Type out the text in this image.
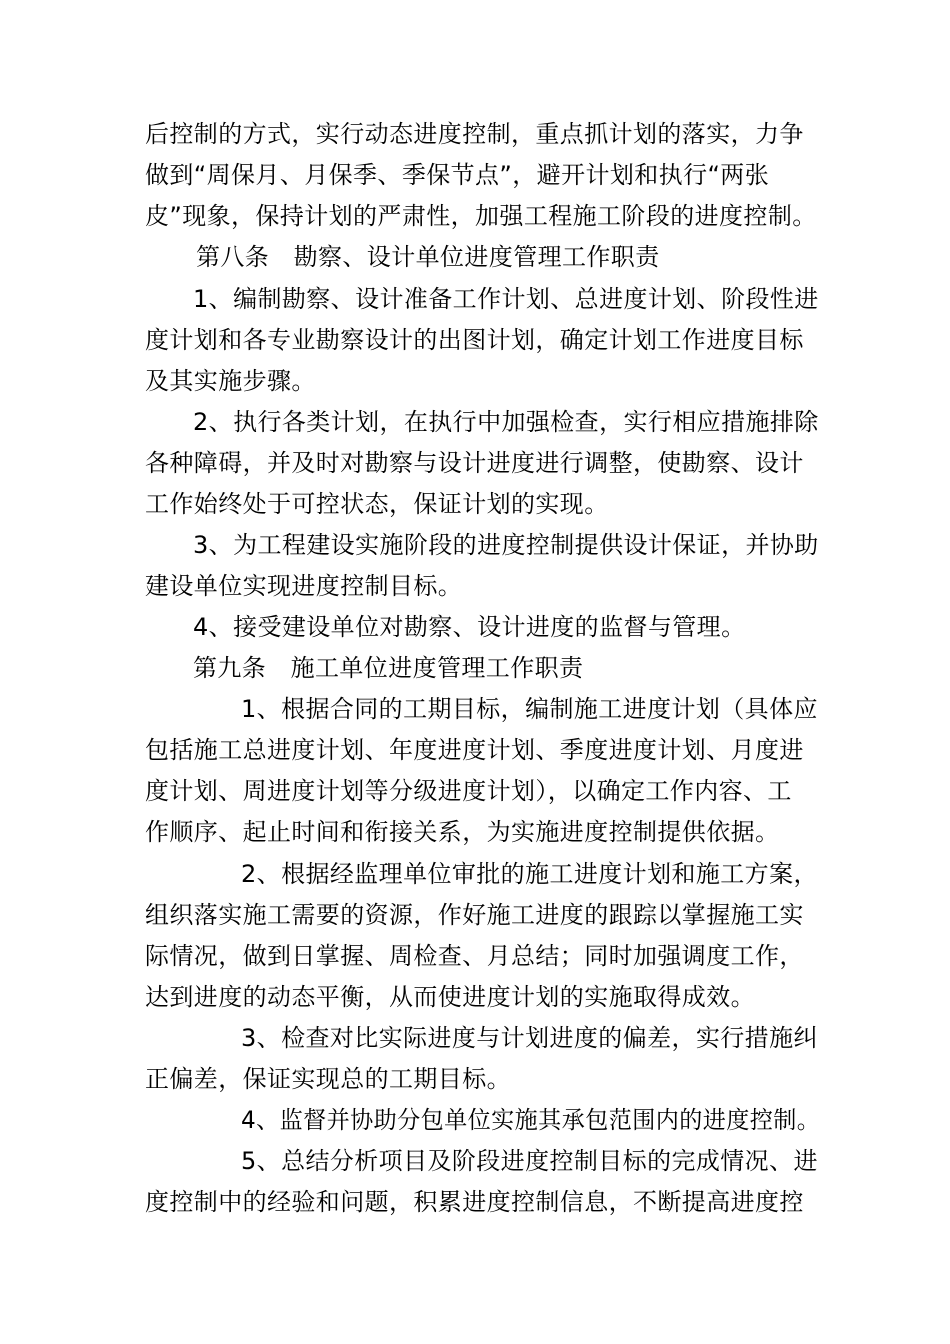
后控制的方式，实行动态进度控制，重点抓计划的落实，力争
做到“周保月、月保季、季保节点”，避开计划和执行“两张
皮”现象，保持计划的严肃性，加强工程施工阶段的进度控制。
第八条　勘察、设计单位进度管理工作职责
1、编制勘察、设计准备工作计划、总进度计划、阶段性进
度计划和各专业勘察设计的出图计划，确定计划工作进度目标
及其实施步骤。
2、执行各类计划，在执行中加强检查，实行相应措施排除
各种障碍，并及时对勘察与设计进度进行调整，使勘察、设计
工作始终处于可控状态，保证计划的实现。
3、为工程建设实施阶段的进度控制提供设计保证，并协助
建设单位实现进度控制目标。
4、接受建设单位对勘察、设计进度的监督与管理。
第九条　施工单位进度管理工作职责
1、根据合同的工期目标，编制施工进度计划（具体应
包括施工总进度计划、年度进度计划、季度进度计划、月度进
度计划、周进度计划等分级进度计划），以确定工作内容、工
作顺序、起止时间和衔接关系，为实施进度控制提供依据。
2、根据经监理单位审批的施工进度计划和施工方案，
组织落实施工需要的资源，作好施工进度的跟踪以掌握施工实
际情况，做到日掌握、周检查、月总结；同时加强调度工作，
达到进度的动态平衡，从而使进度计划的实施取得成效。
3、检查对比实际进度与计划进度的偏差，实行措施纠
正偏差，保证实现总的工期目标。
4、监督并协助分包单位实施其承包范围内的进度控制。
5、总结分析项目及阶段进度控制目标的完成情况、进
度控制中的经验和问题，积累进度控制信息，不断提高进度控
